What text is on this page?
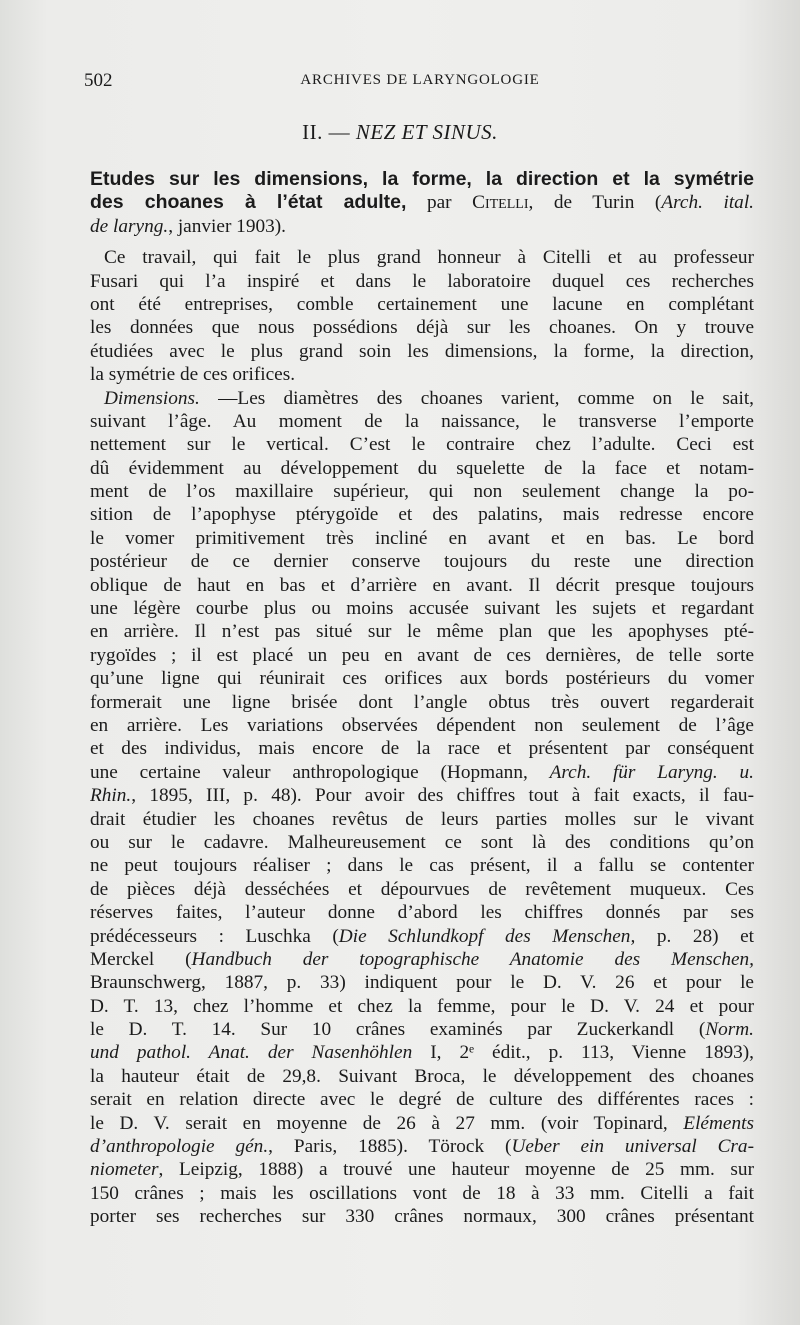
502	ARCHIVES DE LARYNGOLOGIE
II. — NEZ ET SINUS.
Etudes sur les dimensions, la forme, la direction et la symétrie
des choanes à l’état adulte, par Citelli, de Turin (Arch. ital.
de laryng., janvier 1903).
Ce travail, qui fait le plus grand honneur à Citelli et au professeur
Fusari qui l’a inspiré et dans le laboratoire duquel ces recherches
ont été entreprises, comble certainement une lacune en complétant
les données que nous possédions déjà sur les choanes. On y trouve
étudiées avec le plus grand soin les dimensions, la forme, la direction,
la symétrie de ces orifices.
Dimensions. —Les diamètres des choanes varient, comme on le sait,
suivant l’âge. Au moment de la naissance, le transverse l’emporte
nettement sur le vertical. C’est le contraire chez l’adulte. Ceci est
dû évidemment au développement du squelette de la face et notam-
ment de l’os maxillaire supérieur, qui non seulement change la po-
sition de l’apophyse ptérygoïde et des palatins, mais redresse encore
le vomer primitivement très incliné en avant et en bas. Le bord
postérieur de ce dernier conserve toujours du reste une direction
oblique de haut en bas et d’arrière en avant. Il décrit presque toujours
une légère courbe plus ou moins accusée suivant les sujets et regardant
en arrière. Il n’est pas situé sur le même plan que les apophyses pté-
rygoïdes ; il est placé un peu en avant de ces dernières, de telle sorte
qu’une ligne qui réunirait ces orifices aux bords postérieurs du vomer
formerait une ligne brisée dont l’angle obtus très ouvert regarderait
en arrière. Les variations observées dépendent non seulement de l’âge
et des individus, mais encore de la race et présentent par conséquent
une certaine valeur anthropologique (Hopmann, Arch. für Laryng. u.
Rhin., 1895, III, p. 48). Pour avoir des chiffres tout à fait exacts, il fau-
drait étudier les choanes revêtus de leurs parties molles sur le vivant
ou sur le cadavre. Malheureusement ce sont là des conditions qu’on
ne peut toujours réaliser ; dans le cas présent, il a fallu se contenter
de pièces déjà desséchées et dépourvues de revêtement muqueux. Ces
réserves faites, l’auteur donne d’abord les chiffres donnés par ses
prédécesseurs : Luschka (Die Schlundkopf des Menschen, p. 28) et
Merckel (Handbuch der topographische Anatomie des Menschen,
Braunschwerg, 1887, p. 33) indiquent pour le D. V. 26 et pour le
D. T. 13, chez l’homme et chez la femme, pour le D. V. 24 et pour
le D. T. 14. Sur 10 crânes examinés par Zuckerkandl (Norm.
und pathol. Anat. der Nasenhöhlen I, 2ᵉ édit., p. 113, Vienne 1893),
la hauteur était de 29,8. Suivant Broca, le développement des choanes
serait en relation directe avec le degré de culture des différentes races :
le D. V. serait en moyenne de 26 à 27 mm. (voir Topinard, Eléments
d’anthropologie gén., Paris, 1885). Törock (Ueber ein universal Cra-
niometer, Leipzig, 1888) a trouvé une hauteur moyenne de 25 mm. sur
150 crânes ; mais les oscillations vont de 18 à 33 mm. Citelli a fait
porter ses recherches sur 330 crânes normaux, 300 crânes présentant
